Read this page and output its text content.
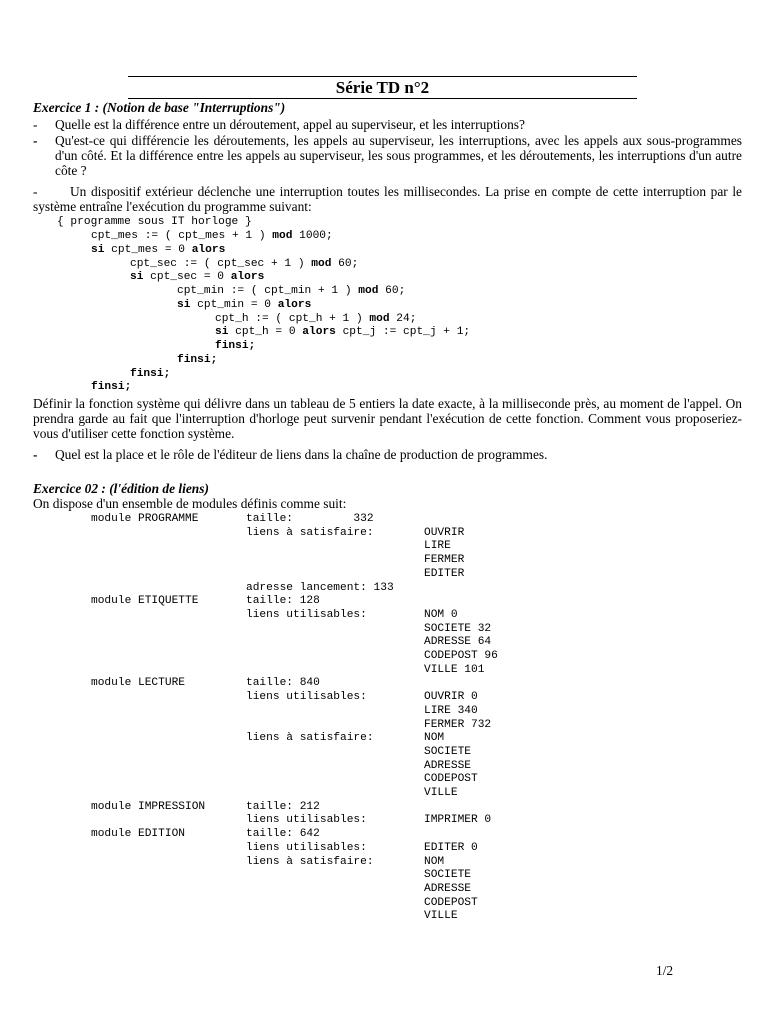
Série TD n°2
Exercice 1 : (Notion de base "Interruptions")
- Quelle est la différence entre un déroutement, appel au superviseur, et les interruptions?
- Qu'est-ce qui différencie les déroutements, les appels au superviseur, les interruptions, avec les appels aux sous-programmes d'un côté. Et la différence entre les appels au superviseur, les sous programmes, et les déroutements, les interruptions d'un autre côte ?
-	Un dispositif extérieur déclenche une interruption toutes les millisecondes. La prise en compte de cette interruption par le système entraîne l'exécution du programme suivant:
{ programme sous IT horloge }
cpt_mes := ( cpt_mes + 1 ) mod 1000;
si cpt_mes = 0 alors
cpt_sec := ( cpt_sec + 1 ) mod 60;
si cpt_sec = 0 alors
cpt_min := ( cpt_min + 1 ) mod 60;
si cpt_min = 0 alors
cpt_h := ( cpt_h + 1 ) mod 24;
si cpt_h = 0 alors cpt_j := cpt_j + 1;
finsi;
finsi;
finsi;
finsi;
Définir la fonction système qui délivre dans un tableau de 5 entiers la date exacte, à la milliseconde près, au moment de l'appel. On prendra garde au fait que l'interruption d'horloge peut survenir pendant l'exécution de cette fonction. Comment vous proposeriez-vous d'utiliser cette fonction système.
- Quel est la place et le rôle de l'éditeur de liens dans la chaîne de production de programmes.
Exercice 02 : (l'édition de liens)
On dispose d'un ensemble de modules définis comme suit:
module PROGRAMME	taille:         332
liens à satisfaire:	OUVRIR
LIRE
FERMER
EDITER
adresse lancement: 133
module ETIQUETTE	taille: 128
liens utilisables:	NOM 0
SOCIETE 32
ADRESSE 64
CODEPOST 96
VILLE 101
module LECTURE	taille: 840
liens utilisables:	OUVRIR 0
LIRE 340
FERMER 732
liens à satisfaire:	NOM
SOCIETE
ADRESSE
CODEPOST
VILLE
module IMPRESSION	taille: 212
liens utilisables:	IMPRIMER 0
module EDITION	taille: 642
liens utilisables:	EDITER 0
liens à satisfaire:	NOM
SOCIETE
ADRESSE
CODEPOST
VILLE
1/2
